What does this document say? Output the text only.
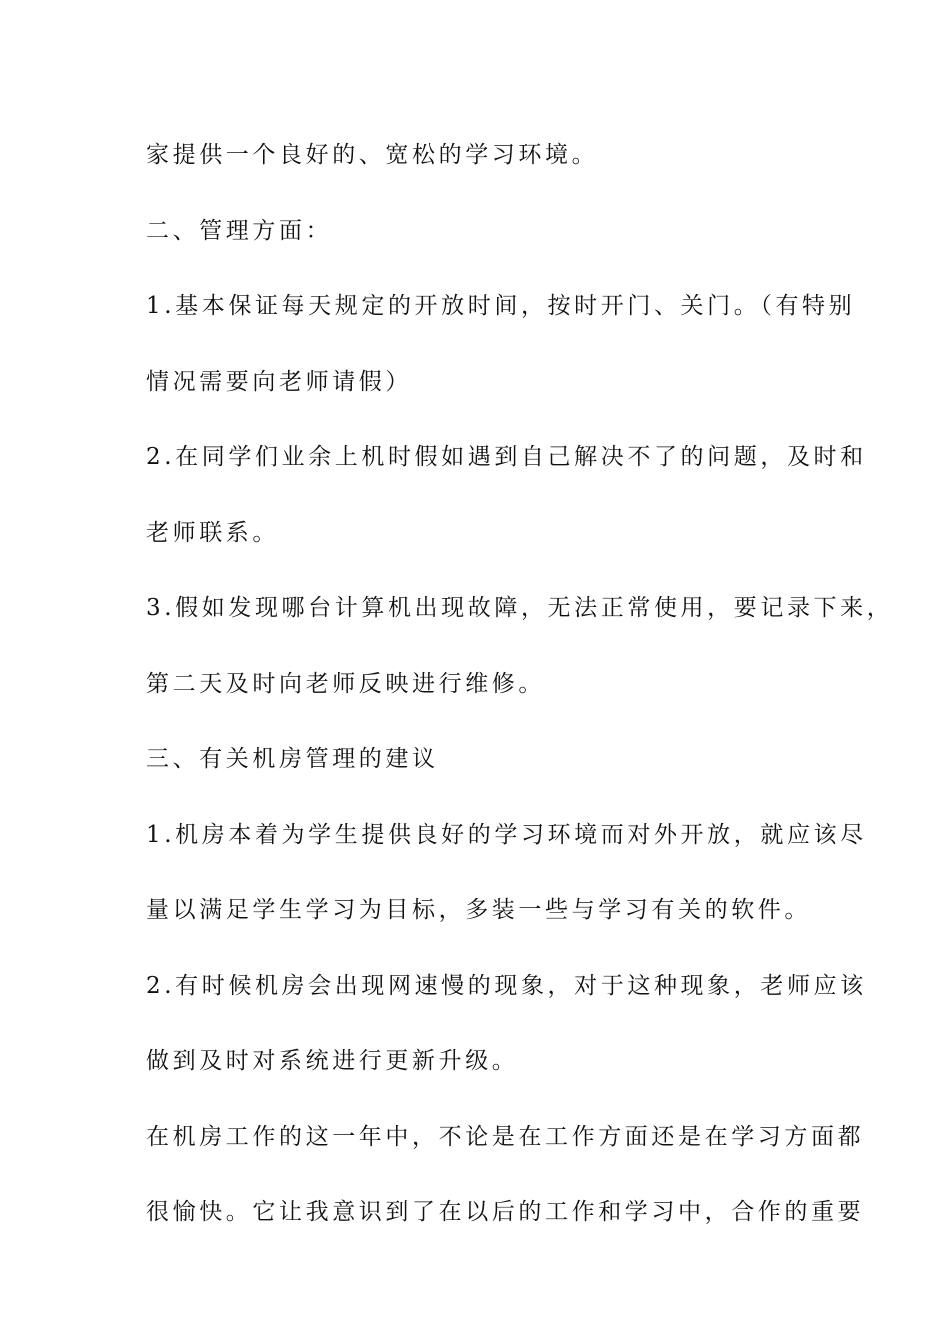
家提供一个良好的、宽松的学习环境。
二、管理方面：
1.基本保证每天规定的开放时间，按时开门、关门。（有特别
情况需要向老师请假）
2.在同学们业余上机时假如遇到自己解决不了的问题，及时和
老师联系。
3.假如发现哪台计算机出现故障，无法正常使用，要记录下来，
第二天及时向老师反映进行维修。
三、有关机房管理的建议
1.机房本着为学生提供良好的学习环境而对外开放，就应该尽
量以满足学生学习为目标，多装一些与学习有关的软件。
2.有时候机房会出现网速慢的现象，对于这种现象，老师应该
做到及时对系统进行更新升级。
在机房工作的这一年中，不论是在工作方面还是在学习方面都
很愉快。它让我意识到了在以后的工作和学习中，合作的重要
